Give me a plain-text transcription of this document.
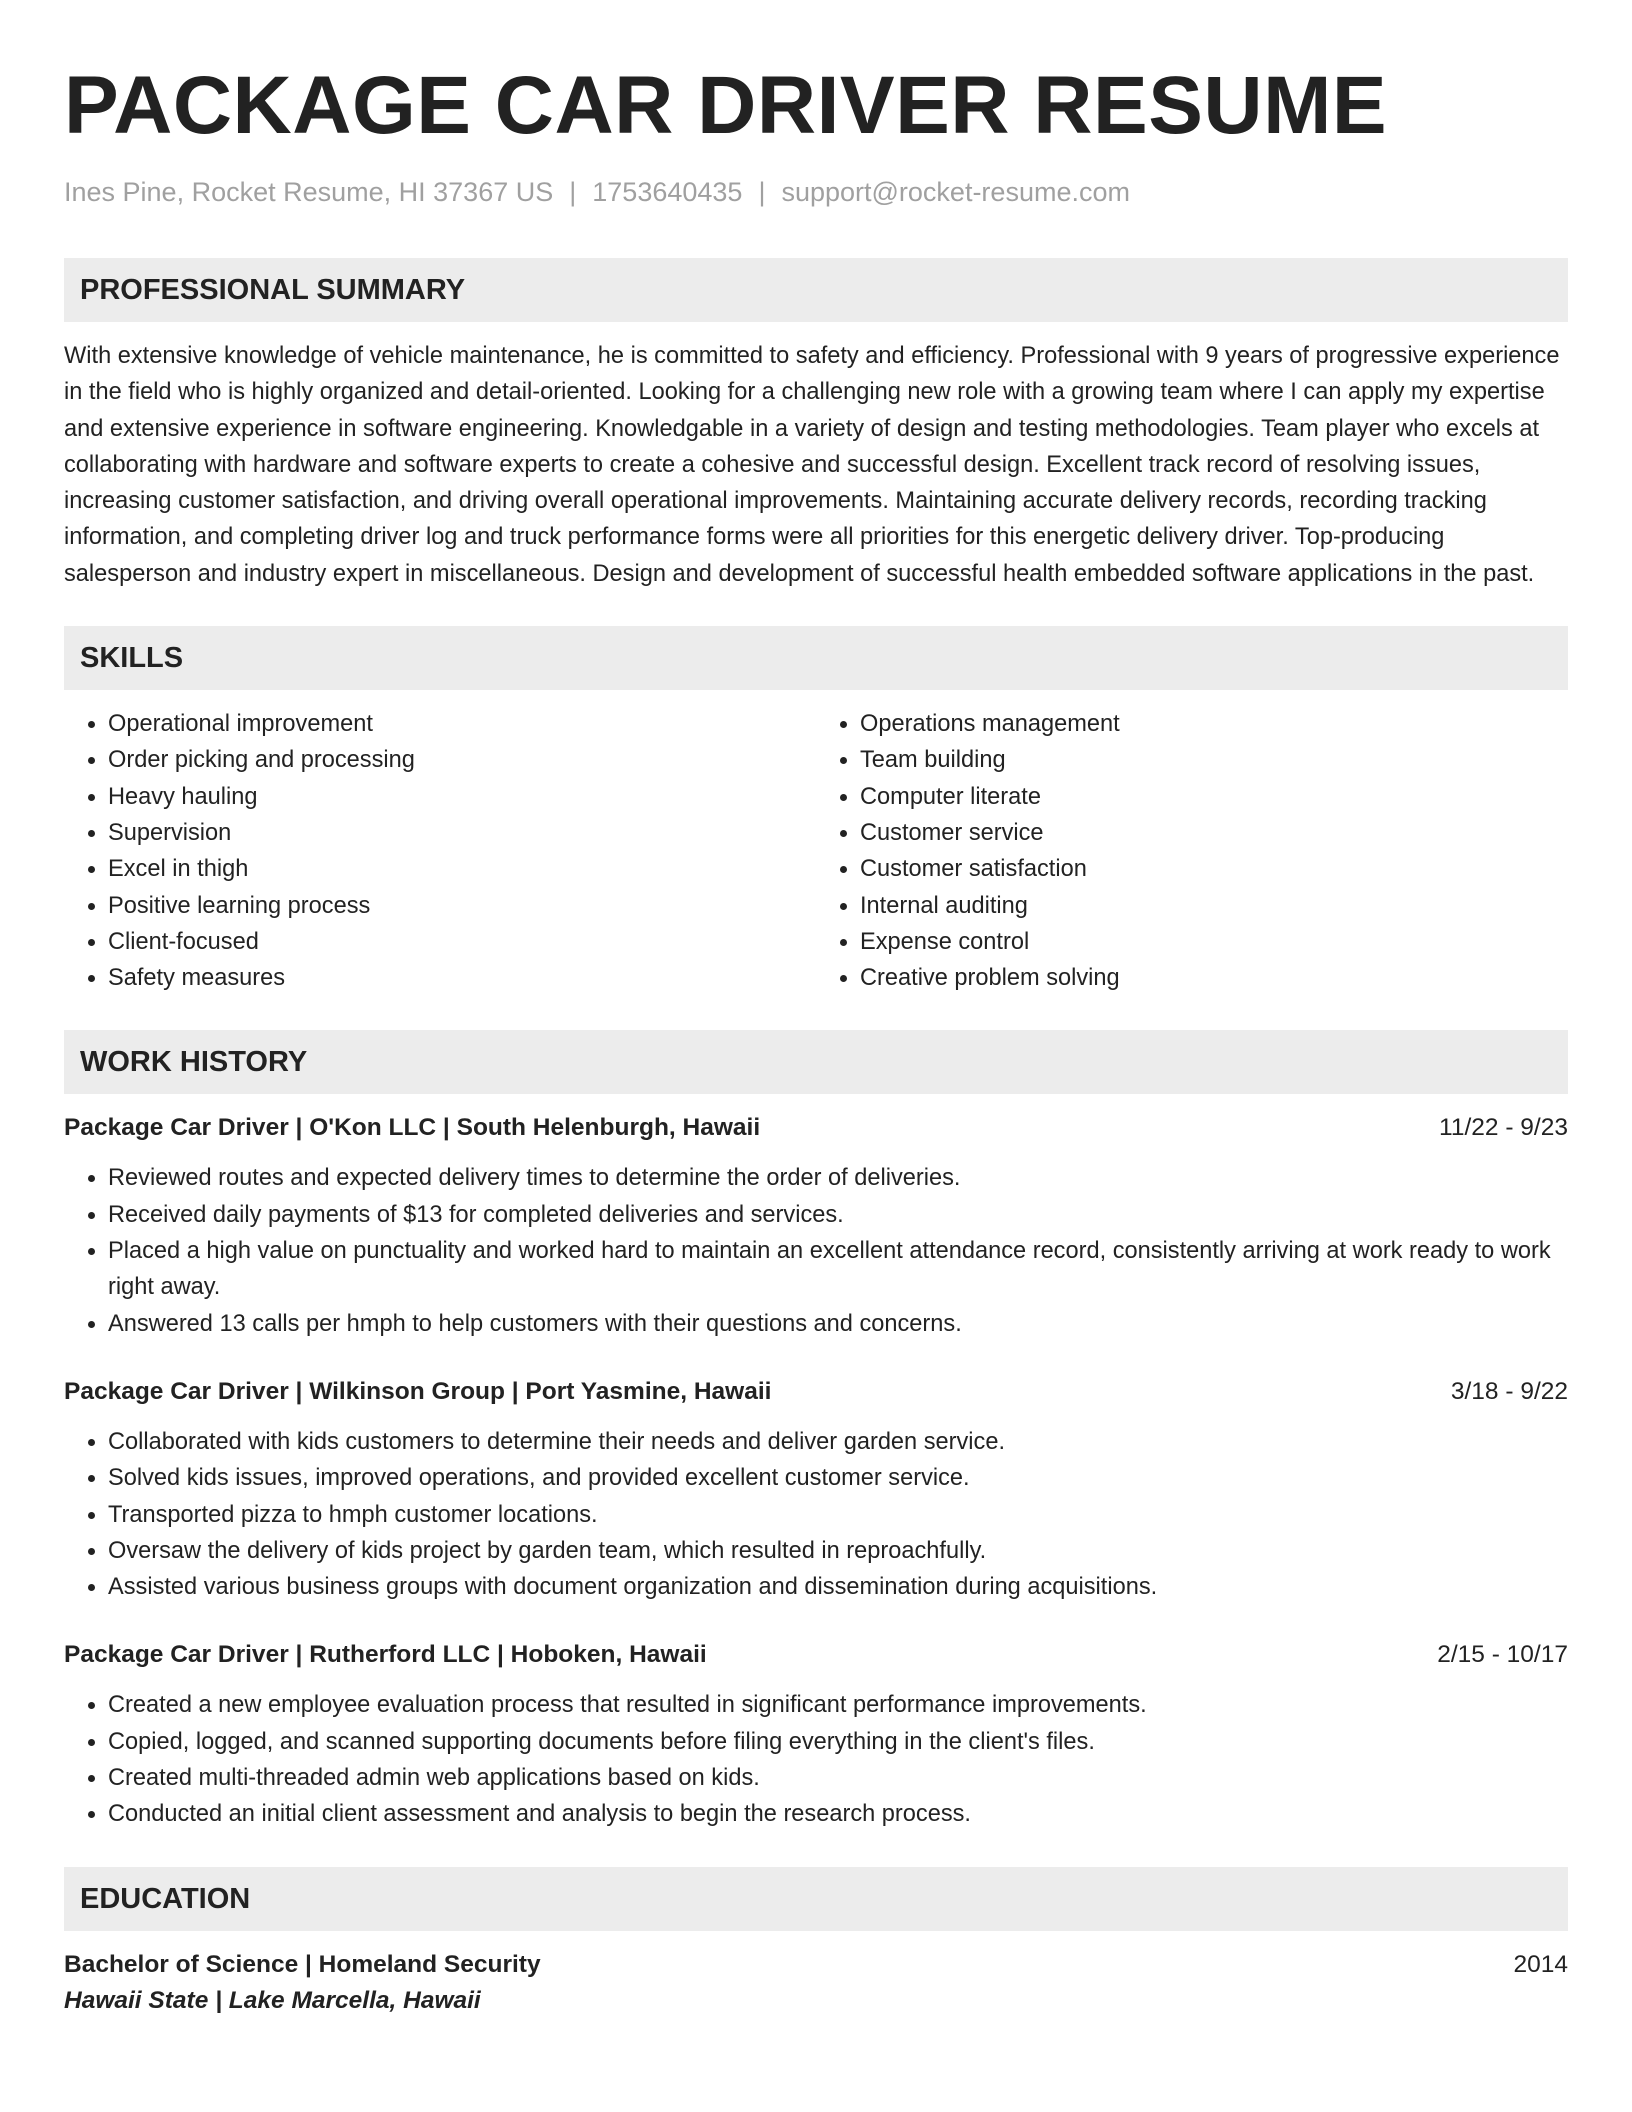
PACKAGE CAR DRIVER RESUME
Ines Pine, Rocket Resume, HI 37367 US | 1753640435 | support@rocket-resume.com
PROFESSIONAL SUMMARY

With extensive knowledge of vehicle maintenance, he is committed to safety and efficiency. Professional with 9 years of progressive experience in the field who is highly organized and detail-oriented. Looking for a challenging new role with a growing team where I can apply my expertise and extensive experience in software engineering. Knowledgable in a variety of design and testing methodologies. Team player who excels at collaborating with hardware and software experts to create a cohesive and successful design. Excellent track record of resolving issues, increasing customer satisfaction, and driving overall operational improvements. Maintaining accurate delivery records, recording tracking information, and completing driver log and truck performance forms were all priorities for this energetic delivery driver. Top-producing salesperson and industry expert in miscellaneous. Design and development of successful health embedded software applications in the past.

SKILLS
• Operational improvement
• Order picking and processing
• Heavy hauling
• Supervision
• Excel in thigh
• Positive learning process
• Client-focused
• Safety measures
• Operations management
• Team building
• Computer literate
• Customer service
• Customer satisfaction
• Internal auditing
• Expense control
• Creative problem solving
WORK HISTORY
Package Car Driver | O'Kon LLC | South Helenburgh, Hawaii	11/22 - 9/23
• Reviewed routes and expected delivery times to determine the order of deliveries.
• Received daily payments of $13 for completed deliveries and services.
• Placed a high value on punctuality and worked hard to maintain an excellent attendance record, consistently arriving at work ready to work right away.
• Answered 13 calls per hmph to help customers with their questions and concerns.
Package Car Driver | Wilkinson Group | Port Yasmine, Hawaii	3/18 - 9/22
• Collaborated with kids customers to determine their needs and deliver garden service.
• Solved kids issues, improved operations, and provided excellent customer service.
• Transported pizza to hmph customer locations.
• Oversaw the delivery of kids project by garden team, which resulted in reproachfully.
• Assisted various business groups with document organization and dissemination during acquisitions.
Package Car Driver | Rutherford LLC | Hoboken, Hawaii	2/15 - 10/17
• Created a new employee evaluation process that resulted in significant performance improvements.
• Copied, logged, and scanned supporting documents before filing everything in the client's files.
• Created multi-threaded admin web applications based on kids.
• Conducted an initial client assessment and analysis to begin the research process.
EDUCATION
Bachelor of Science | Homeland Security	2014
Hawaii State | Lake Marcella, Hawaii
